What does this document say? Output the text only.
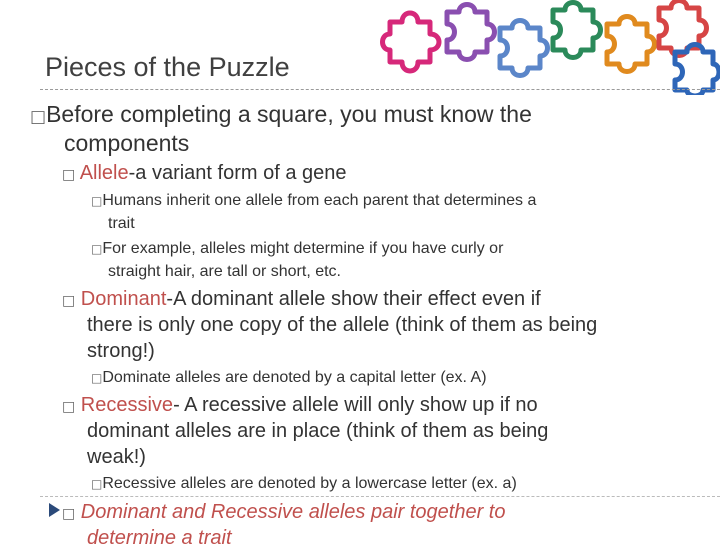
Pieces of the Puzzle
□Before completing a square, you must know the
components
□ Allele-a variant form of a gene
□Humans inherit one allele from each parent that determines a
trait
□For example, alleles might determine if you have curly or
straight hair, are tall or short, etc.
□ Dominant-A dominant allele show their effect even if
there is only one copy of the allele (think of them as being
strong!)
□Dominate alleles are denoted by a capital letter (ex. A)
□ Recessive- A recessive allele will only show up if no
dominant alleles are in place (think of them as being
weak!)
□Recessive alleles are denoted by a lowercase letter (ex. a)
□ Dominant and Recessive alleles pair together to
determine a trait
